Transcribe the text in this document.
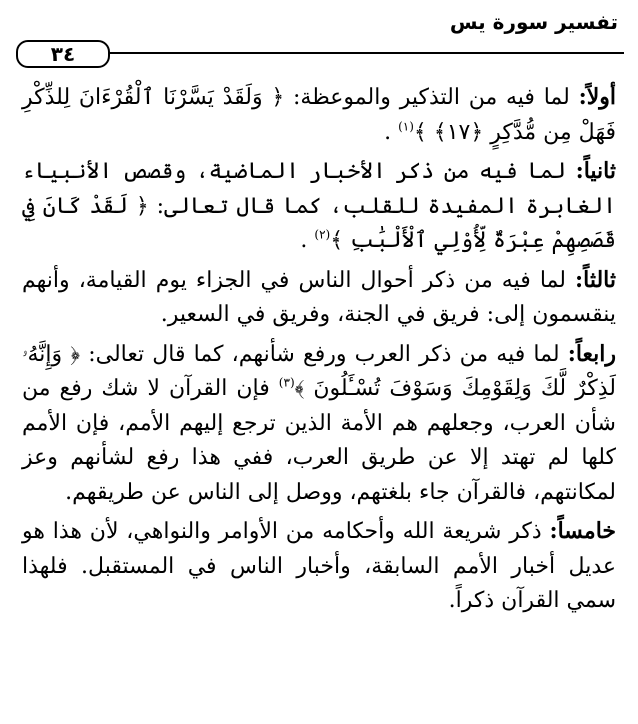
تفسير سورة يس
٣٤

أولاً: لما فيه من التذكير والموعظة: ﴿ وَلَقَدْ يَسَّرْنَا ٱلْقُرْءَانَ لِلذِّكْرِ فَهَلْ مِن مُّدَّكِرٍ ﴿١٧﴾ ﴾$^{(١)}$ .

ثانياً: لما فيه من ذكر الأخبار الماضية، وقصص الأنبياء الغابرة المفيدة للقلب، كما قال تعالى: ﴿ لَقَدْ كَانَ فِي قَصَصِهِمْ عِبْرَةٌ لِّأُوْلِي ٱلْأَلْبَٰبِ ﴾$^{(٢)}$ .

ثالثاً: لما فيه من ذكر أحوال الناس في الجزاء يوم القيامة، وأنهم ينقسمون إلى: فريق في الجنة، وفريق في السعير.

رابعاً: لما فيه من ذكر العرب ورفع شأنهم، كما قال تعالى: ﴿ وَإِنَّهُۥ لَذِكْرٌ لَّكَ وَلِقَوْمِكَ وَسَوْفَ تُسْـَٔلُونَ ﴾$^{(٣)}$ فإن القرآن لا شك رفع من شأن العرب، وجعلهم هم الأمة الذين ترجع إليهم الأمم، فإن الأمم كلها لم تهتد إلا عن طريق العرب، ففي هذا رفع لشأنهم وعز لمكانتهم، فالقرآن جاء بلغتهم، ووصل إلى الناس عن طريقهم.

خامساً: ذكر شريعة الله وأحكامه من الأوامر والنواهي، لأن هذا هو عديل أخبار الأمم السابقة، وأخبار الناس في المستقبل. فلهذا سمي القرآن ذكراً.
